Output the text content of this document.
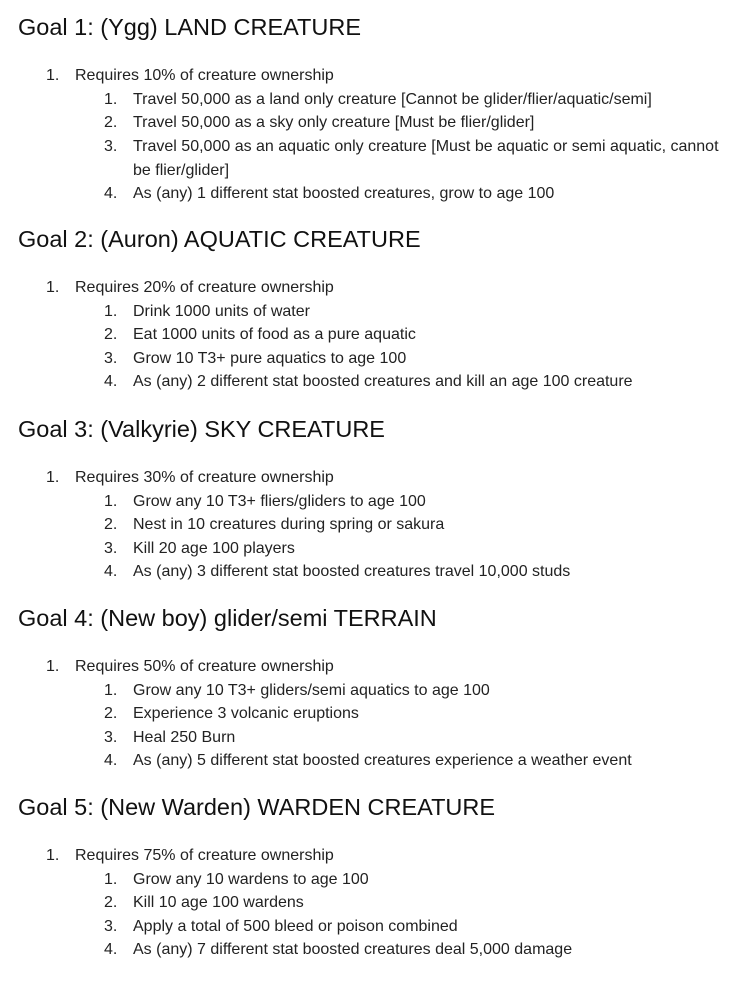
Goal 1: (Ygg) LAND CREATURE
1. Requires 10% of creature ownership
1. Travel 50,000 as a land only creature [Cannot be glider/flier/aquatic/semi]
2. Travel 50,000 as a sky only creature [Must be flier/glider]
3. Travel 50,000 as an aquatic only creature [Must be aquatic or semi aquatic, cannot be flier/glider]
4. As (any) 1 different stat boosted creatures, grow to age 100
Goal 2: (Auron) AQUATIC CREATURE
1. Requires 20% of creature ownership
1. Drink 1000 units of water
2. Eat 1000 units of food as a pure aquatic
3. Grow 10 T3+ pure aquatics to age 100
4. As (any) 2 different stat boosted creatures and kill an age 100 creature
Goal 3: (Valkyrie) SKY CREATURE
1. Requires 30% of creature ownership
1. Grow any 10 T3+ fliers/gliders to age 100
2. Nest in 10 creatures during spring or sakura
3. Kill 20 age 100 players
4. As (any) 3 different stat boosted creatures travel 10,000 studs
Goal 4: (New boy) glider/semi TERRAIN
1. Requires 50% of creature ownership
1. Grow any 10 T3+ gliders/semi aquatics to age 100
2. Experience 3 volcanic eruptions
3. Heal 250 Burn
4. As (any) 5 different stat boosted creatures experience a weather event
Goal 5: (New Warden) WARDEN CREATURE
1. Requires 75% of creature ownership
1. Grow any 10 wardens to age 100
2. Kill 10 age 100 wardens
3. Apply a total of 500 bleed or poison combined
4. As (any) 7 different stat boosted creatures deal 5,000 damage
